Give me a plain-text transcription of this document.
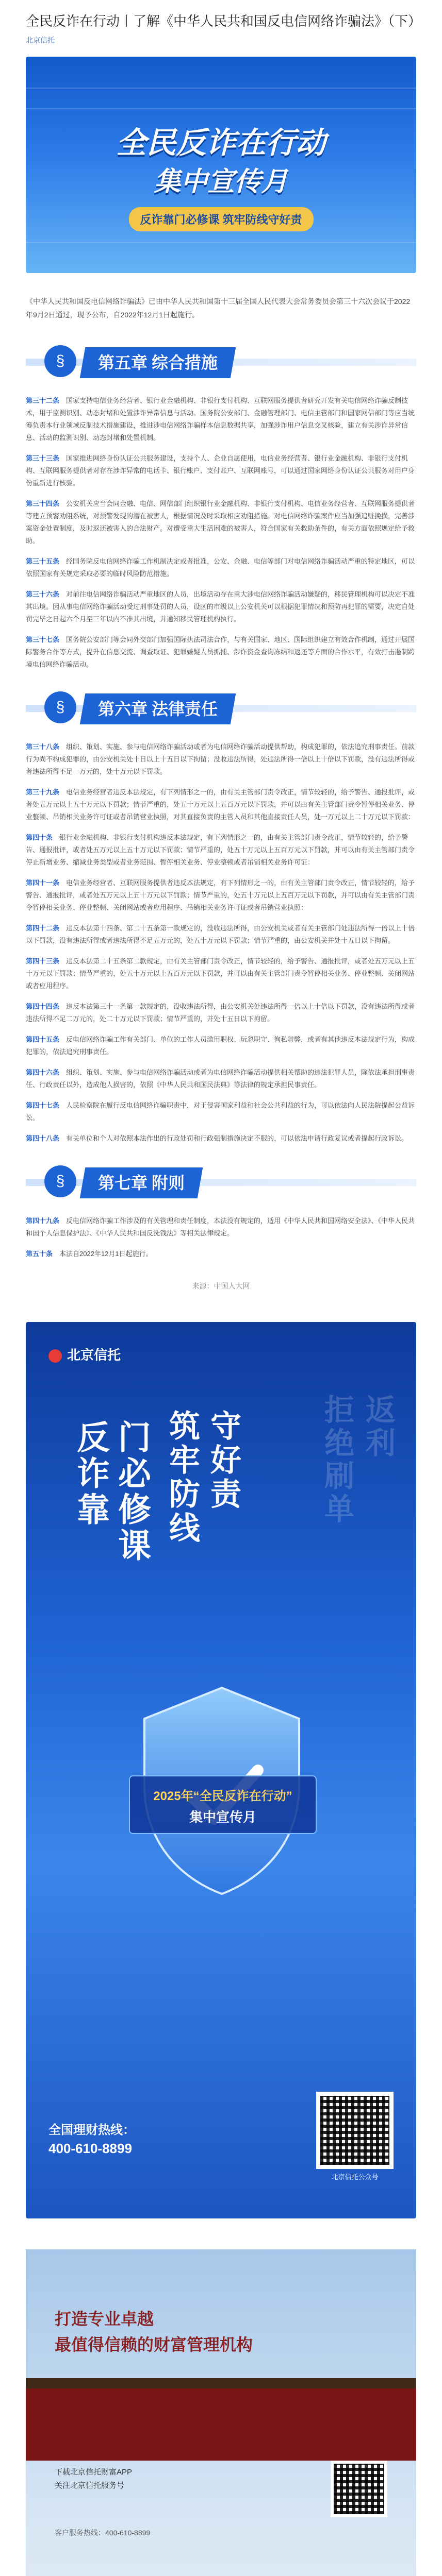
全民反诈在行动丨了解《中华人民共和国反电信网络诈骗法》（下）
北京信托
全民反诈在行动
集中宣传月
反诈靠门必修课 筑牢防线守好责

《中华人民共和国反电信网络诈骗法》已由中华人民共和国第十三届全国人民代表大会常务委员会第三十六次会议于2022年9月2日通过，现予公布，自2022年12月1日起施行。

§	第五章 综合措施

第三十二条　 国家支持电信业务经营者、银行业金融机构、非银行支付机构、互联网服务提供者研究开发有关电信网络诈骗反制技术，用于监测识别、动态封堵和处置涉诈异常信息与活动。国务院公安部门、金融管理部门、电信主管部门和国家网信部门等应当统筹负责本行业领域反制技术措施建设，推进涉电信网络诈骗样本信息数据共享，加强涉诈用户信息交叉核验，建立有关涉诈异常信息、活动的监测识别、动态封堵和处置机制。

第三十三条　 国家推进网络身份认证公共服务建设，支持个人、企业自愿使用，电信业务经营者、银行业金融机构、非银行支付机构、互联网服务提供者对存在涉诈异常的电话卡、银行账户、支付账户、互联网账号，可以通过国家网络身份认证公共服务对用户身份重新进行核验。

第三十四条　 公安机关应当会同金融、电信、网信部门组织银行业金融机构、非银行支付机构、电信业务经营者、互联网服务提供者等建立预警劝阻系统，对预警发现的潜在被害人，根据情况及时采取相应劝阻措施。对电信网络诈骗案件应当加强追赃挽损，完善涉案资金处置制度，及时返还被害人的合法财产。对遭受重大生活困难的被害人，符合国家有关救助条件的，有关方面依照规定给予救助。

第三十五条　 经国务院反电信网络诈骗工作机制决定或者批准，公安、金融、电信等部门对电信网络诈骗活动严重的特定地区，可以依照国家有关规定采取必要的临时风险防范措施。

第三十六条　 对前往电信网络诈骗活动严重地区的人员，出境活动存在重大涉电信网络诈骗活动嫌疑的，移民管理机构可以决定不准其出境。因从事电信网络诈骗活动受过刑事处罚的人员，设区的市级以上公安机关可以根据犯罪情况和预防再犯罪的需要，决定自处罚完毕之日起六个月至三年以内不准其出境，并通知移民管理机构执行。

第三十七条　 国务院公安部门等会同外交部门加强国际执法司法合作，与有关国家、地区、国际组织建立有效合作机制，通过开展国际警务合作等方式，提升在信息交流、调查取证、犯罪嫌疑人员抓捕、涉诈资金查询冻结和返还等方面的合作水平，有效打击遏制跨境电信网络诈骗活动。

§	第六章 法律责任

第三十八条　 组织、策划、实施、参与电信网络诈骗活动或者为电信网络诈骗活动提供帮助，构成犯罪的，依法追究刑事责任。前款行为尚不构成犯罪的，由公安机关处十日以上十五日以下拘留；没收违法所得，处违法所得一倍以上十倍以下罚款，没有违法所得或者违法所得不足一万元的，处十万元以下罚款。

第三十九条　 电信业务经营者违反本法规定，有下列情形之一的，由有关主管部门责令改正，情节较轻的，给予警告、通报批评，或者处五万元以上五十万元以下罚款；情节严重的，处五十万元以上五百万元以下罚款，并可以由有关主管部门责令暂停相关业务、停业整顿、吊销相关业务许可证或者吊销营业执照，对其直接负责的主管人员和其他直接责任人员，处一万元以上二十万元以下罚款：

第四十条　 银行业金融机构、非银行支付机构违反本法规定，有下列情形之一的，由有关主管部门责令改正，情节较轻的，给予警告、通报批评，或者处五万元以上五十万元以下罚款；情节严重的，处五十万元以上五百万元以下罚款，并可以由有关主管部门责令停止新增业务、缩减业务类型或者业务范围、暂停相关业务、停业整顿或者吊销相关业务许可证：

第四十一条　 电信业务经营者、互联网服务提供者违反本法规定，有下列情形之一的，由有关主管部门责令改正，情节较轻的，给予警告、通报批评，或者处五万元以上五十万元以下罚款；情节严重的，处五十万元以上五百万元以下罚款，并可以由有关主管部门责令暂停相关业务、停业整顿、关闭网站或者应用程序、吊销相关业务许可证或者吊销营业执照：

第四十二条　 违反本法第十四条、第二十五条第一款规定的，没收违法所得，由公安机关或者有关主管部门处违法所得一倍以上十倍以下罚款，没有违法所得或者违法所得不足五万元的，处五十万元以下罚款；情节严重的，由公安机关并处十五日以下拘留。

第四十三条　 违反本法第二十五条第二款规定，由有关主管部门责令改正，情节较轻的，给予警告、通报批评，或者处五万元以上五十万元以下罚款；情节严重的，处五十万元以上五百万元以下罚款，并可以由有关主管部门责令暂停相关业务、停业整顿、关闭网站或者应用程序。

第四十四条　 违反本法第三十一条第一款规定的，没收违法所得，由公安机关处违法所得一倍以上十倍以下罚款，没有违法所得或者违法所得不足二万元的，处二十万元以下罚款；情节严重的，并处十五日以下拘留。

第四十五条　 反电信网络诈骗工作有关部门、单位的工作人员滥用职权、玩忽职守、徇私舞弊，或者有其他违反本法规定行为，构成犯罪的，依法追究刑事责任。

第四十六条　 组织、策划、实施、参与电信网络诈骗活动或者为电信网络诈骗活动提供相关帮助的违法犯罪人员，除依法承担刑事责任、行政责任以外，造成他人损害的，依照《中华人民共和国民法典》等法律的规定承担民事责任。

第四十七条　 人民检察院在履行反电信网络诈骗职责中，对于侵害国家利益和社会公共利益的行为，可以依法向人民法院提起公益诉讼。

第四十八条　 有关单位和个人对依照本法作出的行政处罚和行政强制措施决定不服的，可以依法申请行政复议或者提起行政诉讼。

§	第七章 附则

第四十九条　 反电信网络诈骗工作涉及的有关管理和责任制度，本法没有规定的，适用《中华人民共和国网络安全法》、《中华人民共和国个人信息保护法》、《中华人民共和国反洗钱法》等相关法律规定。

第五十条　 本法自2022年12月1日起施行。

来源：中国人大网
北京信托
拒绝刷单 返利
反诈靠 门必修课 筑牢防线 守好责
2025年“全民反诈在行动”
集中宣传月
全国理财热线：
400-610-8899
北京信托公众号
打造专业卓越
最值得信赖的财富管理机构
下载北京信托财富APP
关注北京信托服务号
客户服务热线：400-610-8899
